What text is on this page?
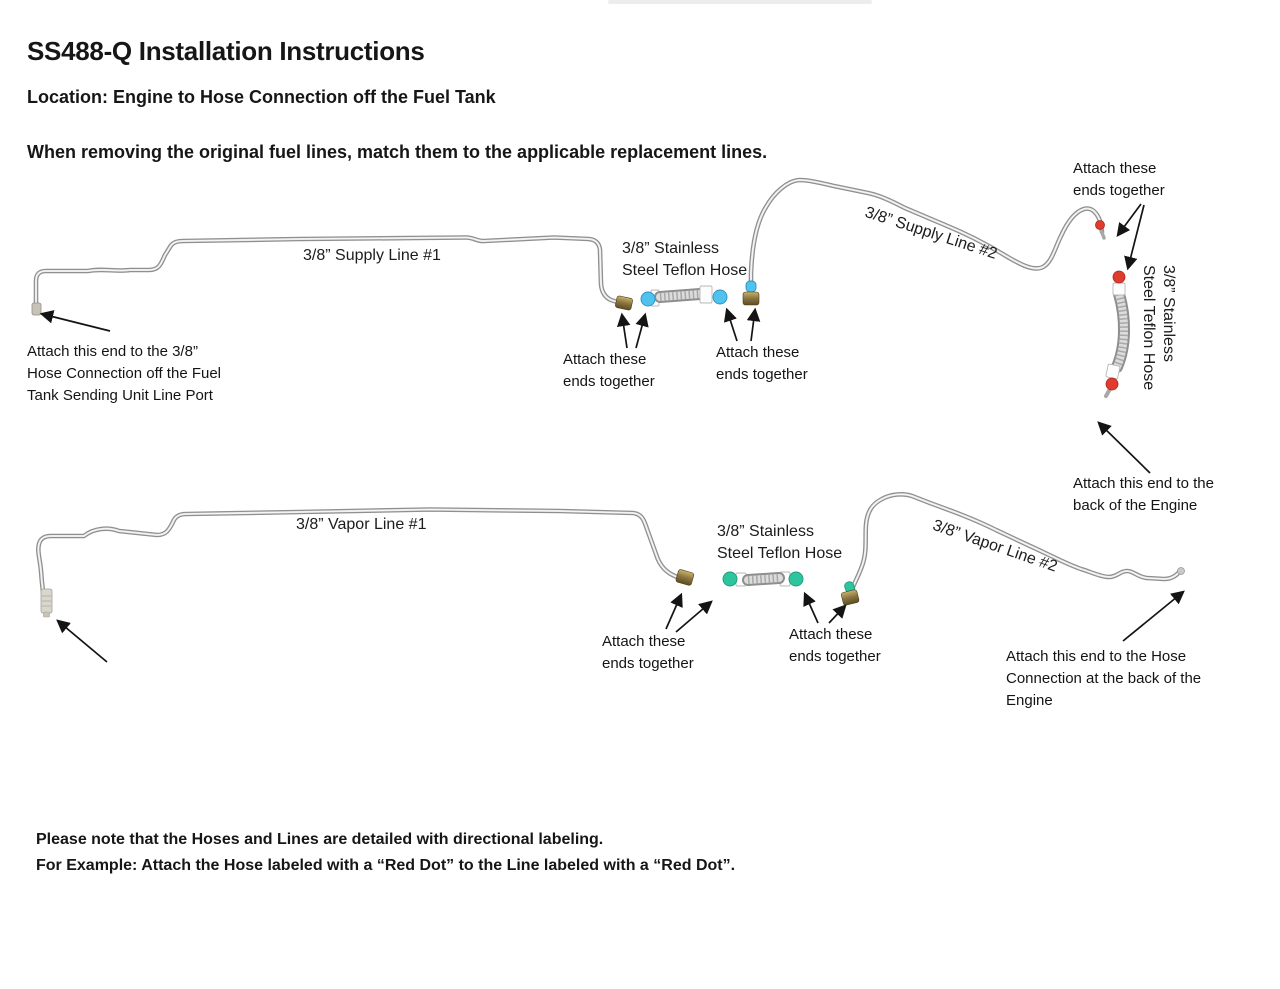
SS488-Q Installation Instructions
Location: Engine to Hose Connection off the Fuel Tank
When removing the original fuel lines, match them to the applicable replacement lines.
3/8” Supply Line #1	3/8” Stainless
Steel Teflon Hose
Attach these
ends together
Attach these
ends together
3/8” Supply Line #2
Attach these
ends together
3/8” Stainless
Steel Teflon Hose
Attach this end to the
back of the Engine
Attach this end to the 3/8”
Hose Connection off the Fuel
Tank Sending Unit Line Port
3/8” Vapor Line #1	3/8” Stainless
Steel Teflon Hose
Attach these
ends together
Attach these
ends together
3/8” Vapor Line #2
Attach this end to the Hose
Connection at the back of the
Engine
Please note that the Hoses and Lines are detailed with directional labeling.
For Example: Attach the Hose labeled with a “Red Dot” to the Line labeled with a “Red Dot”.
